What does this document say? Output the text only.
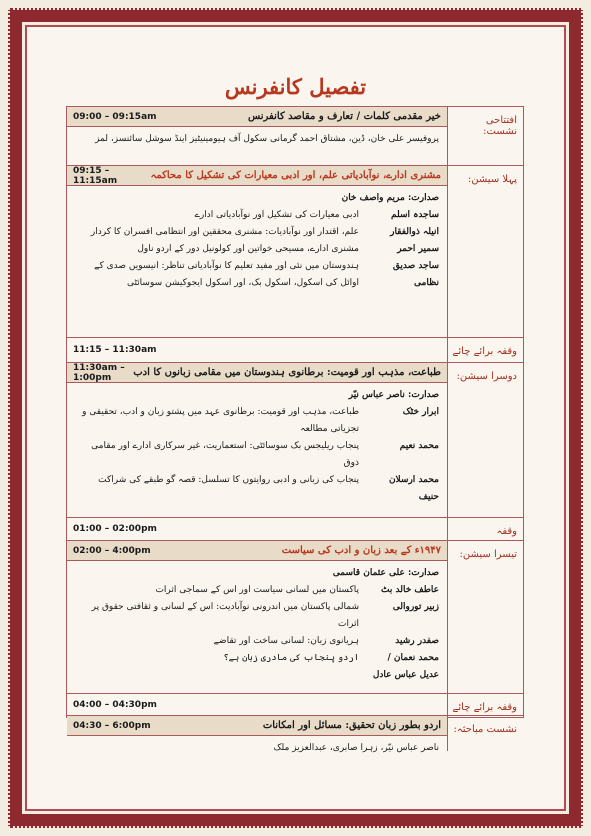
تفصیل کانفرنس
افتتاحی نشست:
09:00 – 09:15am	خیر مقدمی کلمات / تعارف و مقاصد کانفرنس
پروفیسر علی خان، ڈین، مشتاق احمد گرمانی سکول آف ہیومینیٹیز اینڈ سوشل سائنسز، لمز
پہلا سیشن:
09:15 – 11:15am	مشنری ادارے، نوآبادیاتی علم، اور ادبی معیارات کی تشکیل کا محاکمہ
صدارت: مریم واصف خان
ساجدہ اسلم
ادبی معیارات کی تشکیل اور نوآبادیاتی ادارے
انیلہ ذوالفقار
علم، اقتدار اور نوآبادیات: مشنری محققین اور انتظامی افسران کا کردار
سمیر احمر
مشنری ادارے، مسیحی خواتین اور کولونیل دور کے اردو ناول
ساجد صدیق نظامی
ہندوستان میں نئی اور مفید تعلیم کا نوآبادیاتی تناظر: انیسویں صدی کے اوائل کی اسکول، اسکول بک، اور اسکول ایجوکیشن سوسائٹی
وقفہ برائے چائے
11:15 – 11:30am
دوسرا سیشن:
11:30am – 1:00pm	طباعت، مذہب اور قومیت: برطانوی ہندوستان میں مقامی زبانوں کا ادب
صدارت: ناصر عباس نیّر
ابرار خٹک
طباعت، مذہب اور قومیت: برطانوی عہد میں پشتو زبان و ادب، تحقیقی و تجزیاتی مطالعہ
محمد نعیم
پنجاب ریلیجس بک سوسائٹی: استعماریت، غیر سرکاری ادارے اور مقامی ذوق
محمد ارسلان حنیف
پنجاب کی زبانی و ادبی روایتوں کا تسلسل: قصہ گو طبقے کی شراکت
وقفہ
01:00 – 02:00pm
تیسرا سیشن:
02:00 – 4:00pm	۱۹۴۷ء کے بعد زبان و ادب کی سیاست
صدارت: علی عثمان قاسمی
عاطف خالد بٹ
پاکستان میں لسانی سیاست اور اس کے سماجی اثرات
زبیر توروالی
شمالی پاکستان میں اندرونی نوآبادیت: اس کے لسانی و ثقافتی حقوق پر اثرات
صفدر رشید
ہریانوی زبان: لسانی ساخت اور تقاضے
محمد نعمان / عدیل عباس عادل
اردو پنجاب کی مادری زبان ہے؟
وقفہ برائے چائے
04:00 – 04:30pm
نشست مباحثہ:
04:30 – 6:00pm	اردو بطور زبان تحقیق: مسائل اور امکانات
ناصر عباس نیّر، زہرا صابری، عبدالعزیز ملک
